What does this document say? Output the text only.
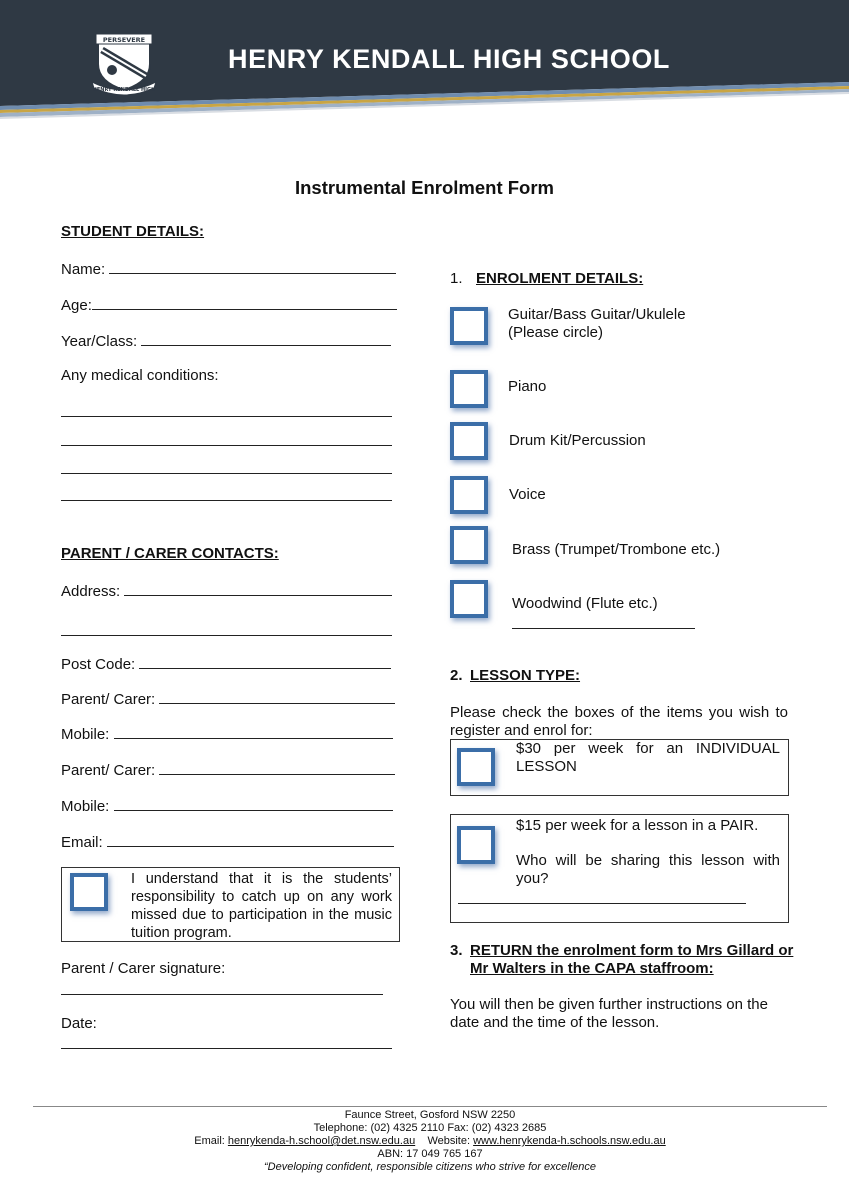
PERSEVERE
HENRY KENDALL HIGH
HENRY KENDALL HIGH SCHOOL
Instrumental Enrolment Form
STUDENT DETAILS:
Name:
Age:
Year/Class:
Any medical conditions:
PARENT / CARER CONTACTS:
Address:
Post Code:
Parent/ Carer:
Mobile:
Parent/ Carer:
Mobile:
Email:
I understand that it is the students’ responsibility to catch up on any work missed due to participation in the music tuition program.
Parent / Carer signature:
Date:
1. ENROLMENT DETAILS:
Guitar/Bass Guitar/Ukulele
(Please circle)
Piano
Drum Kit/Percussion
Voice
Brass (Trumpet/Trombone etc.)
Woodwind (Flute etc.)
2. LESSON TYPE:
Please check the boxes of the items you wish to register and enrol for:
$30 per week for an INDIVIDUAL LESSON
$15 per week for a lesson in a PAIR.
Who will be sharing this lesson with you?
3. RETURN the enrolment form to Mrs Gillard or Mr Walters in the CAPA staffroom:
You will then be given further instructions on the date and the time of the lesson.
Faunce Street, Gosford NSW 2250
Telephone: (02) 4325 2110 Fax: (02) 4323 2685
Email: henrykenda-h.school@det.nsw.edu.au Website: www.henrykenda-h.schools.nsw.edu.au
ABN: 17 049 765 167
“Developing confident, responsible citizens who strive for excellence
